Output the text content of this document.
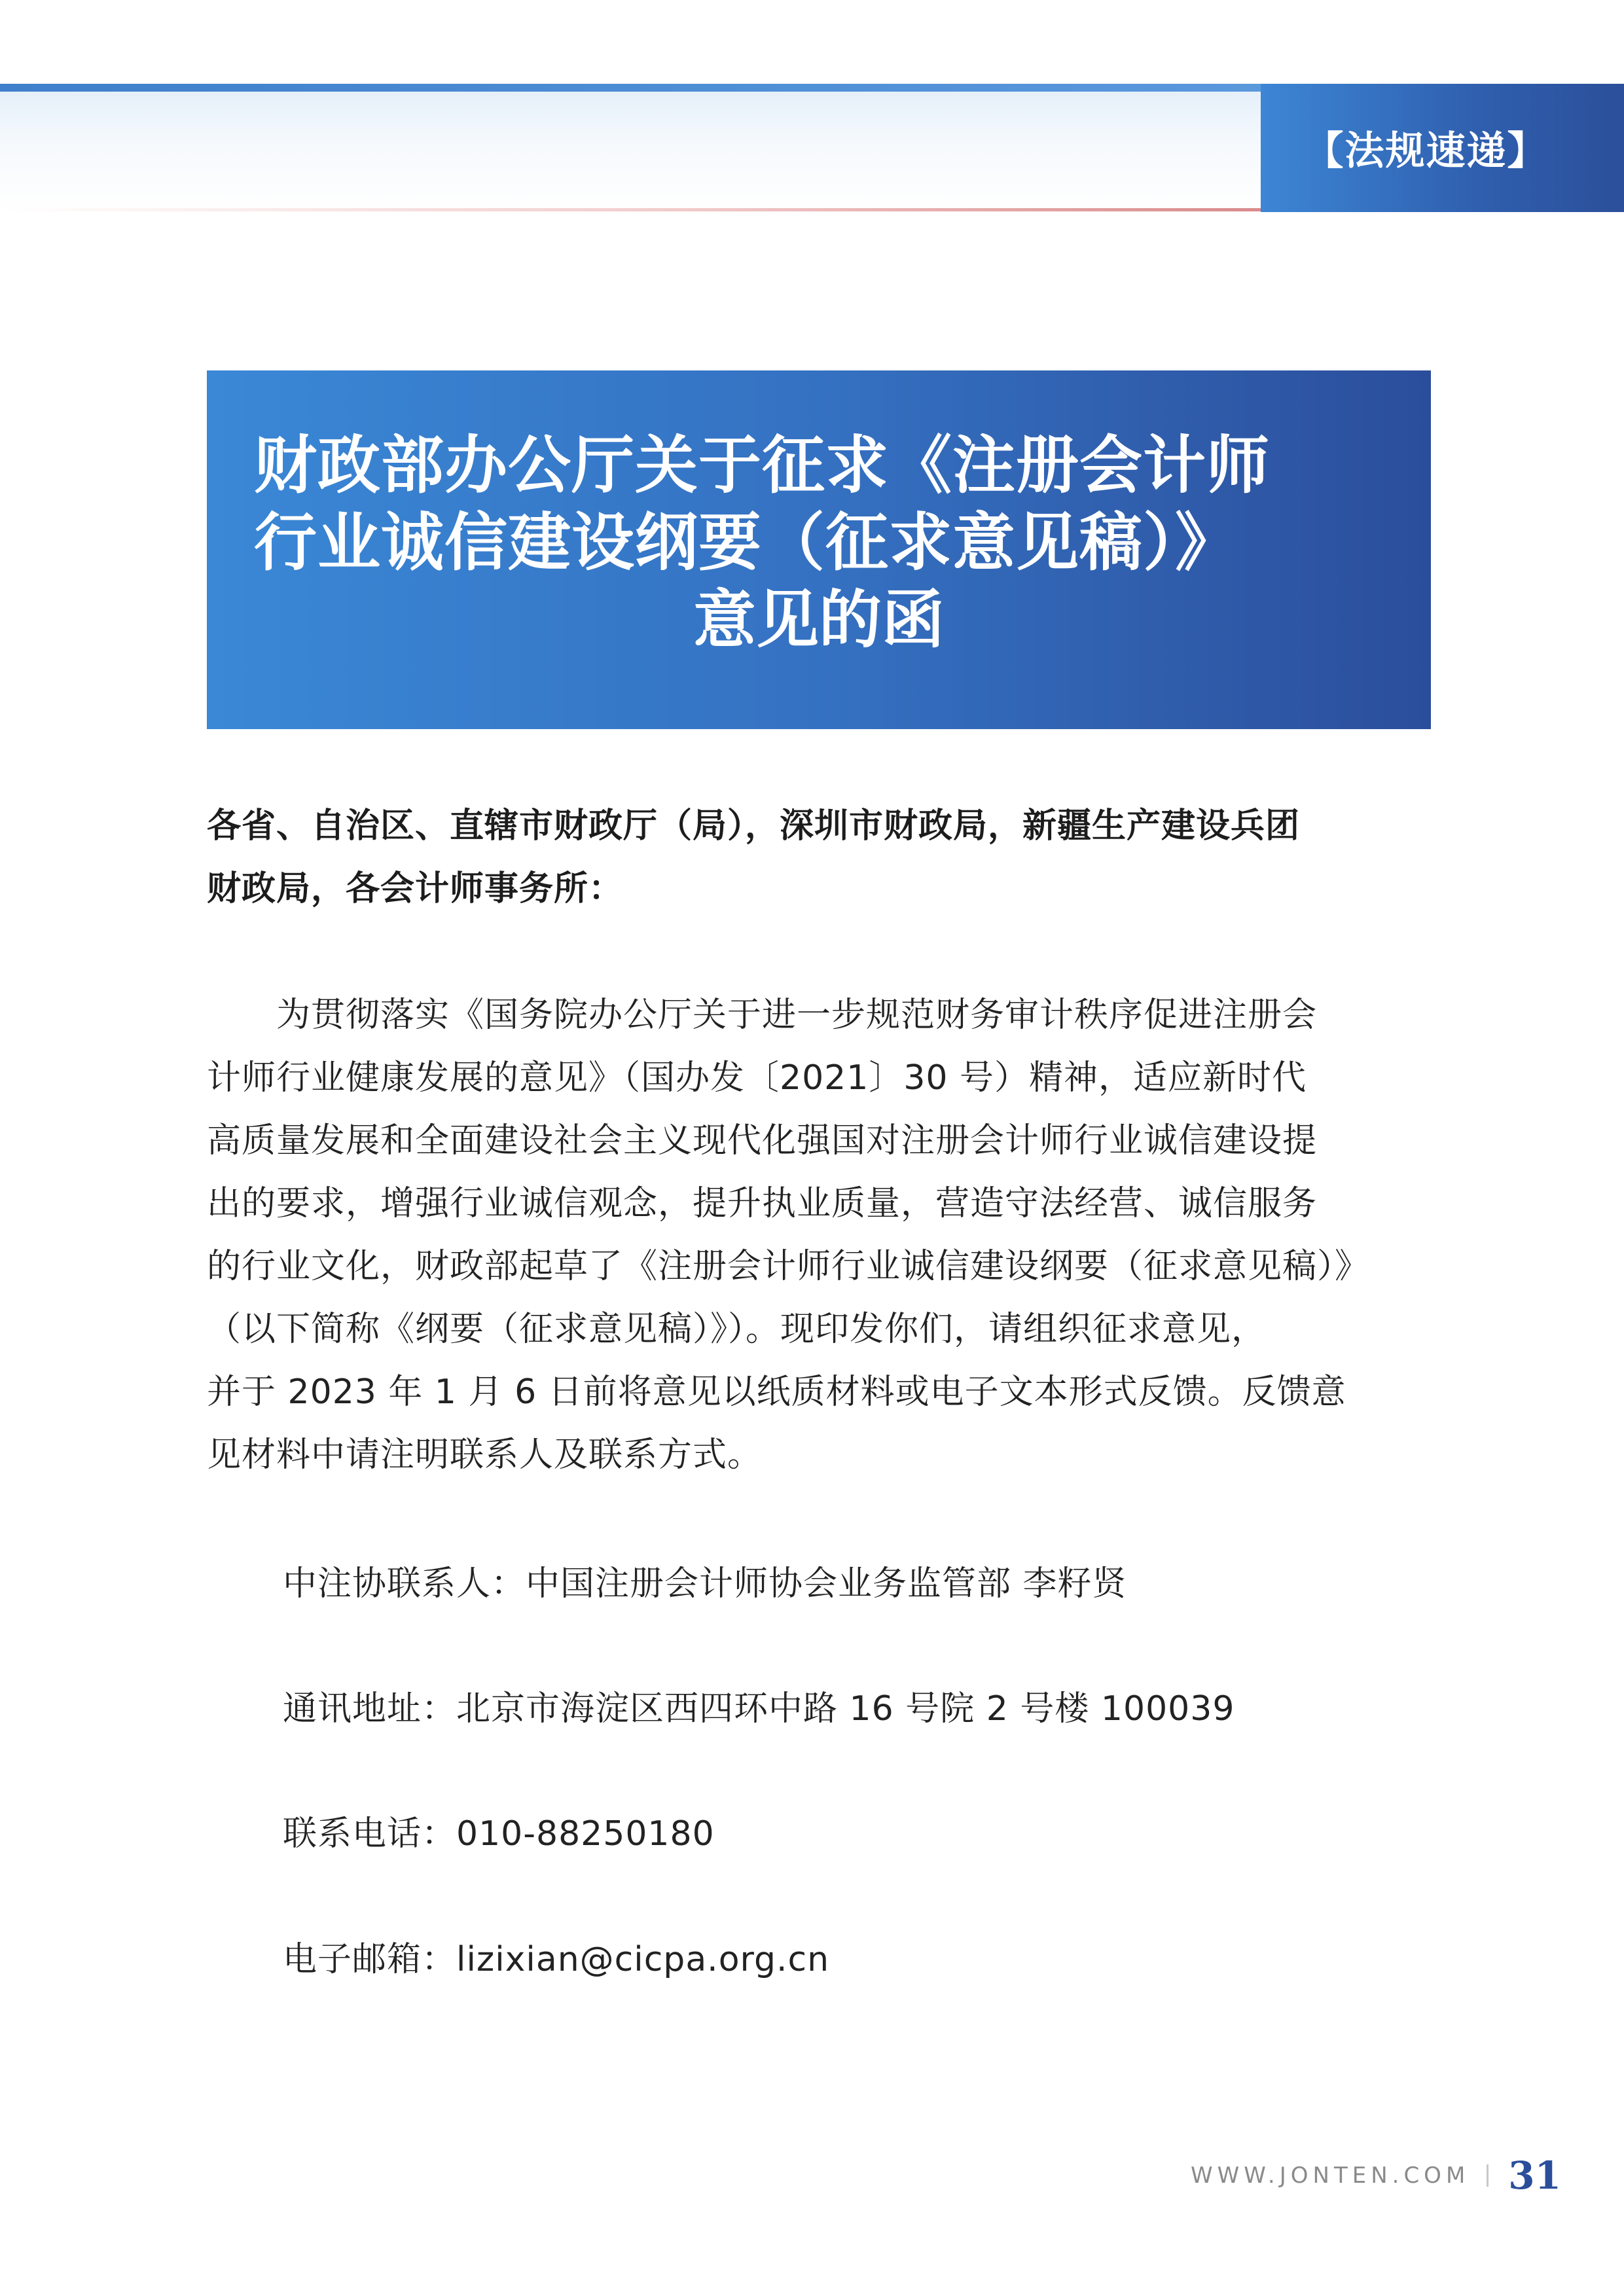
【法规速递】
财政部办公厅关于征求《注册会计师
行业诚信建设纲要（征求意见稿）》
意见的函
各省、自治区、直辖市财政厅（局），深圳市财政局，新疆生产建设兵团
财政局，各会计师事务所：
　　为贯彻落实《国务院办公厅关于进一步规范财务审计秩序促进注册会
计师行业健康发展的意见》（国办发〔2021〕30 号）精神，适应新时代
高质量发展和全面建设社会主义现代化强国对注册会计师行业诚信建设提
出的要求，增强行业诚信观念，提升执业质量，营造守法经营、诚信服务
的行业文化，财政部起草了《注册会计师行业诚信建设纲要（征求意见稿）》
（以下简称《纲要（征求意见稿）》）。现印发你们，请组织征求意见，
并于 2023 年 1 月 6 日前将意见以纸质材料或电子文本形式反馈。反馈意
见材料中请注明联系人及联系方式。
中注协联系人：中国注册会计师协会业务监管部 李籽贤
通讯地址：北京市海淀区西四环中路 16 号院 2 号楼 100039
联系电话：010-88250180
电子邮箱：lizixian@cicpa.org.cn
WWW.JONTEN.COM 31
